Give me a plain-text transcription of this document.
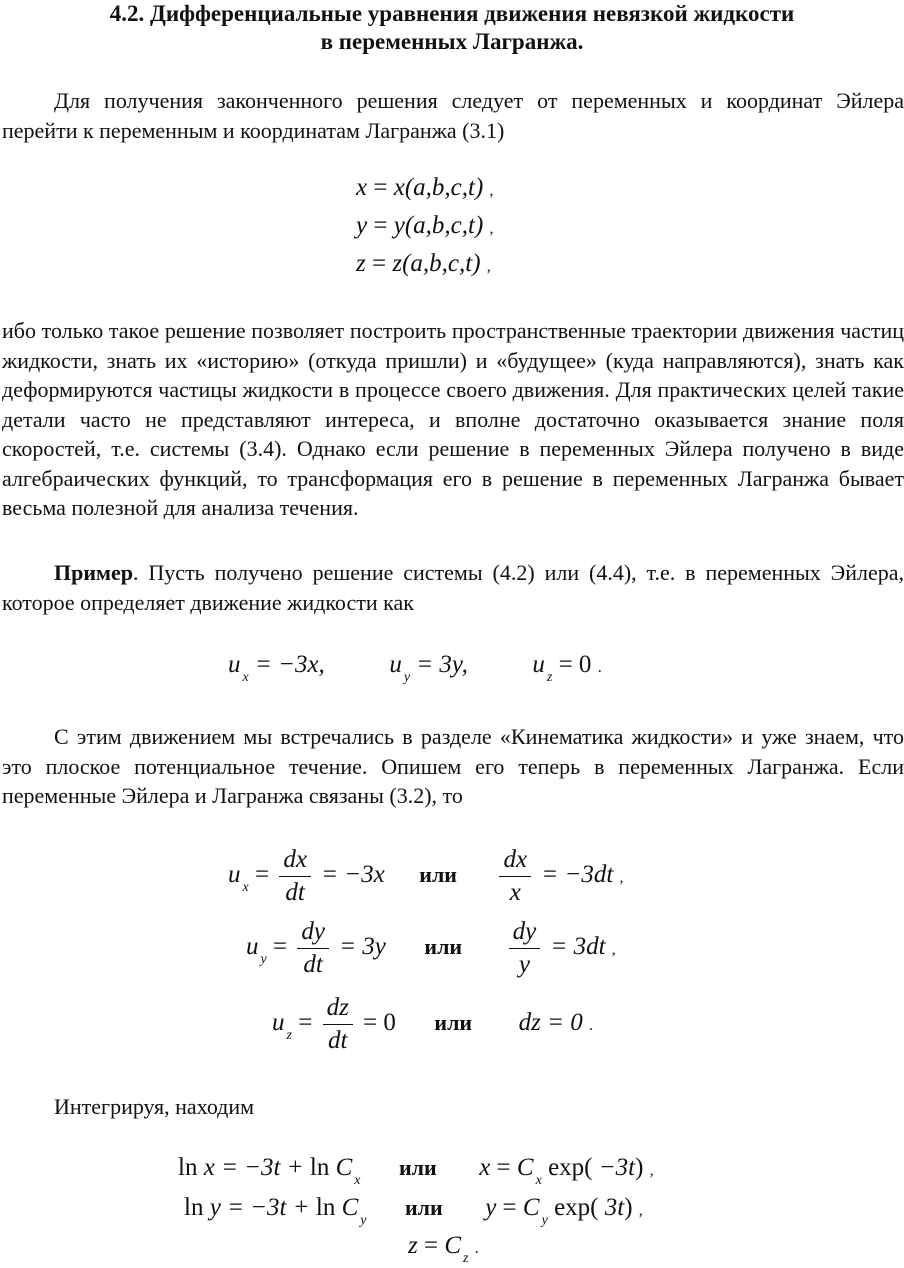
4.2. Дифференциальные уравнения движения невязкой жидкости
в переменных Лагранжа.

Для получения законченного решения следует от переменных и координат Эйлера перейти к переменным и координатам Лагранжа (3.1)

x = x(a,b,c,t) ,
y = y(a,b,c,t) ,
z = z(a,b,c,t) ,

ибо только такое решение позволяет построить пространственные траектории движения частиц жидкости, знать их «историю» (откуда пришли) и «будущее» (куда направляются), знать как деформируются частицы жидкости в процессе своего движения. Для практических целей такие детали часто не представляют интереса, и вполне достаточно оказывается знание поля скоростей, т.е. системы (3.4). Однако если решение в переменных Эйлера получено в виде алгебраических функций, то трансформация его в решение в переменных Лагранжа бывает весьма полезной для анализа течения.

Пример. Пусть получено решение системы (4.2) или (4.4), т.е. в переменных Эйлера, которое определяет движение жидкости как

u $_x$ = −3x,	u $_y$ = 3y,	u $_z$ = 0 .

С этим движением мы встречались в разделе «Кинематика жидкости» и уже знаем, что это плоское потенциальное течение. Опишем его теперь в переменных Лагранжа. Если переменные Эйлера и Лагранжа связаны (3.2), то

u $_x = \frac{dx}{dt} = -3x$ или $\frac{dx}{x} = -3dt$ ,
u $_y = \frac{dy}{dt} = 3y$ или $\frac{dy}{y} = 3dt$ ,
u $_z = \frac{dz}{dt} = 0$ или dz = 0 .

Интегрируя, находим

ln x = −3t + ln C $_x$  или x = C $_x$ exp( −3t) ,
ln y = −3t + ln C $_y$  или y = C $_y$ exp( 3t) ,
z = C $_z$ .
